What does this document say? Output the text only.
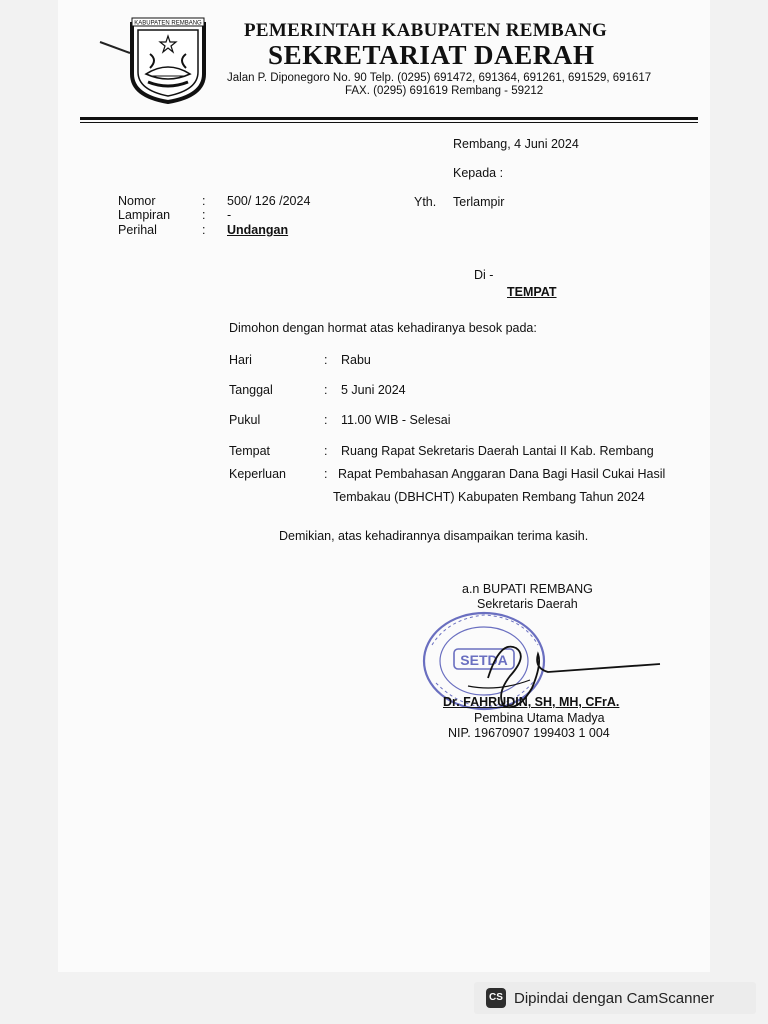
KABUPATEN REMBANG PEMERINTAH KABUPATEN REMBANG
SEKRETARIAT DAERAH
Jalan P. Diponegoro No. 90 Telp. (0295) 691472, 691364, 691261, 691529, 691617
FAX. (0295) 691619 Rembang - 59212
Rembang, 4 Juni 2024
Kepada :
Yth. Terlampir
Nomor	: 500/ 126 /2024
Lampiran	: -
Perihal	: Undangan
Di -
TEMPAT
Dimohon dengan hormat atas kehadiranya besok pada:
Hari	: Rabu
Tanggal	: 5 Juni 2024
Pukul	: 11.00 WIB - Selesai
Tempat	: Ruang Rapat Sekretaris Daerah Lantai II Kab. Rembang
Keperluan	: Rapat Pembahasan Anggaran Dana Bagi Hasil Cukai Hasil
Tembakau (DBHCHT) Kabupaten Rembang Tahun 2024
Demikian, atas kehadirannya disampaikan terima kasih.
a.n BUPATI REMBANG
Sekretaris Daerah
SETDA
Dr. FAHRUDIN, SH, MH, CFrA.
Pembina Utama Madya
NIP. 19670907 199403 1 004
CS Dipindai dengan CamScanner
